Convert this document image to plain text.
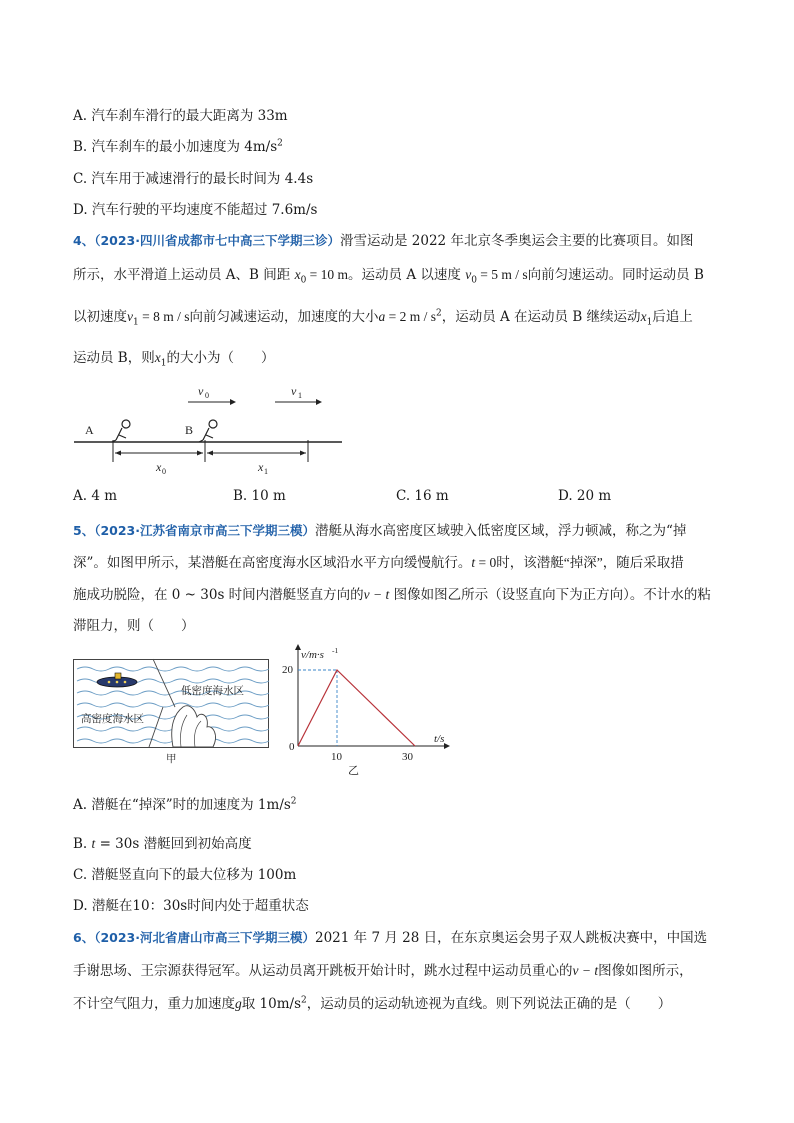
A. 汽车刹车滑行的最大距离为 33m
B. 汽车刹车的最小加速度为 $4m/s^2$
C. 汽车用于减速滑行的最长时间为 4.4s
D. 汽车行驶的平均速度不能超过 7.6m/s
4、（2023·四川省成都市七中高三下学期三诊）滑雪运动是 2022 年北京冬季奥运会主要的比赛项目。如图
所示，水平滑道上运动员 A、B 间距 $x_0 = 10$ m。运动员 A 以速度 $v_0 = 5$ m / s向前匀速运动。同时运动员 B
以初速度$v_1 = 8$ m / s向前匀减速运动，加速度的大小a = 2 m / $s^2$，运动员 A 在运动员 B 继续运动$x_1$后追上
运动员 B，则$x_1$的大小为（　　）
v 0	v 1
A	B
x 0	x 1
A. 4 m	B. 10 m	C. 16 m	D. 20 m
5、（2023·江苏省南京市高三下学期三模）潜艇从海水高密度区域驶入低密度区域，浮力顿减，称之为“掉
深”。如图甲所示，某潜艇在高密度海水区域沿水平方向缓慢航行。t = 0时，该潜艇“掉深”，随后采取措
施成功脱险，在 0 ~ 30s 时间内潜艇竖直方向的v − t 图像如图乙所示（设竖直向下为正方向）。不计水的粘
滞阻力，则（　　）
低密度海水区
高密度海水区
甲
v/m·s -1
t/s
0
20
10	30
乙
A. 潜艇在“掉深”时的加速度为 $1m/s^2$
B. t = 30s 潜艇回到初始高度
C. 潜艇竖直向下的最大位移为 100m
D. 潜艇在10：30s时间内处于超重状态
6、（2023·河北省唐山市高三下学期三模）2021 年 7 月 28 日，在东京奥运会男子双人跳板决赛中，中国选
手谢思场、王宗源获得冠军。从运动员离开跳板开始计时，跳水过程中运动员重心的v − t图像如图所示，
不计空气阻力，重力加速度g取 $10m/s^2$，运动员的运动轨迹视为直线。则下列说法正确的是（　　）
